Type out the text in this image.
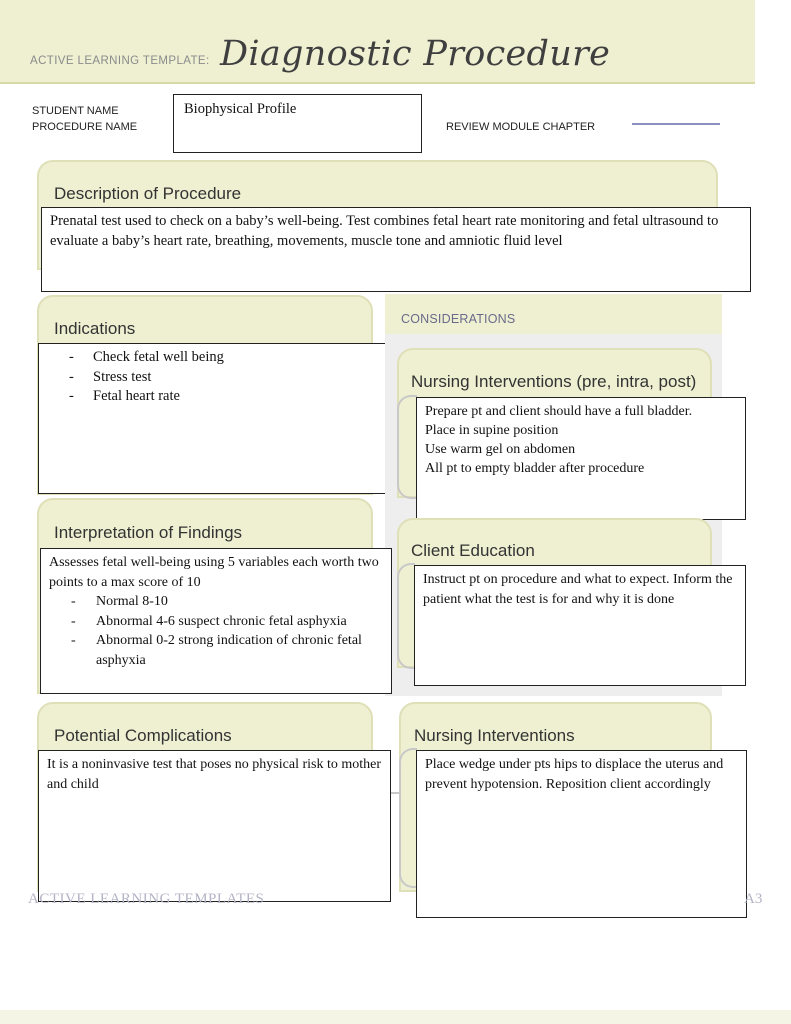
ACTIVE LEARNING TEMPLATE: Diagnostic Procedure
STUDENT NAME
PROCEDURE NAME
Biophysical Profile
REVIEW MODULE CHAPTER
Description of Procedure
Prenatal test used to check on a baby’s well-being. Test combines fetal heart rate monitoring and fetal ultrasound to evaluate a baby’s heart rate, breathing, movements, muscle tone and amniotic fluid level
Indications
- Check fetal well being
- Stress test
- Fetal heart rate
CONSIDERATIONS
Nursing Interventions (pre, intra, post)
Prepare pt and client should have a full bladder.
Place in supine position
Use warm gel on abdomen
All pt to empty bladder after procedure
Interpretation of Findings
Assesses fetal well-being using 5 variables each worth two points to a max score of 10
- Normal 8-10
- Abnormal 4-6 suspect chronic fetal asphyxia
- Abnormal 0-2 strong indication of chronic fetal asphyxia
Client Education
Instruct pt on procedure and what to expect. Inform the patient what the test is for and why it is done
Potential Complications
It is a noninvasive test that poses no physical risk to mother and child
Nursing Interventions
Place wedge under pts hips to displace the uterus and prevent hypotension. Reposition client accordingly
ACTIVE LEARNING TEMPLATES	A3
